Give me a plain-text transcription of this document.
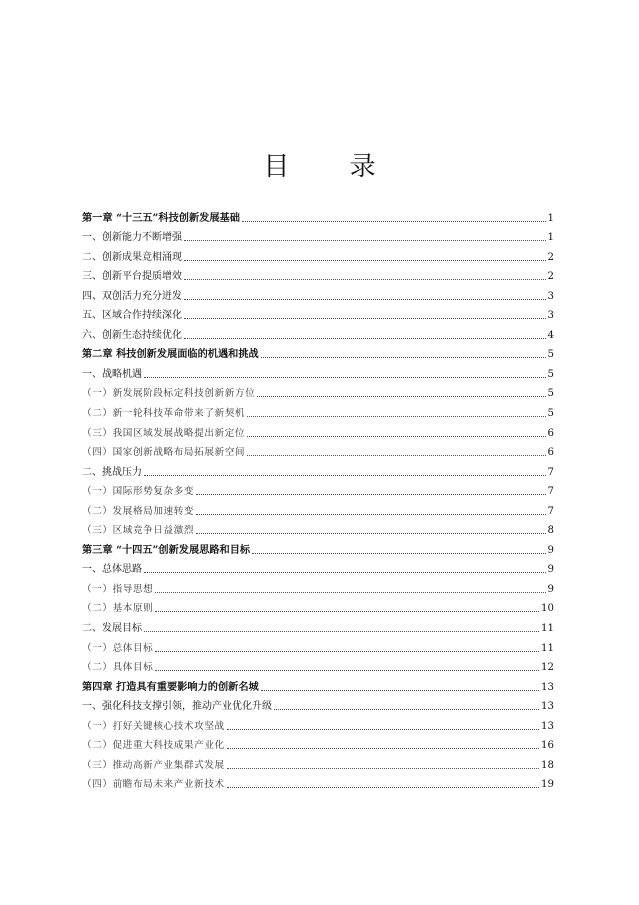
目 录
第一章 “十三五”科技创新发展基础	1
一、创新能力不断增强	1
二、创新成果竞相涌现	2
三、创新平台提质增效	2
四、双创活力充分迸发	3
五、区域合作持续深化	3
六、创新生态持续优化	4
第二章 科技创新发展面临的机遇和挑战	5
一、战略机遇	5
（一）新发展阶段标定科技创新新方位	5
（二）新一轮科技革命带来了新契机	5
（三）我国区域发展战略提出新定位	6
（四）国家创新战略布局拓展新空间	6
二、挑战压力	7
（一）国际形势复杂多变	7
（二）发展格局加速转变	7
（三）区域竞争日益激烈	8
第三章 “十四五”创新发展思路和目标	9
一、总体思路	9
（一）指导思想	9
（二）基本原则	10
二、发展目标	11
（一）总体目标	11
（二）具体目标	12
第四章 打造具有重要影响力的创新名城	13
一、强化科技支撑引领，推动产业优化升级	13
（一）打好关键核心技术攻坚战	13
（二）促进重大科技成果产业化	16
（三）推动高新产业集群式发展	18
（四）前瞻布局未来产业新技术	19
